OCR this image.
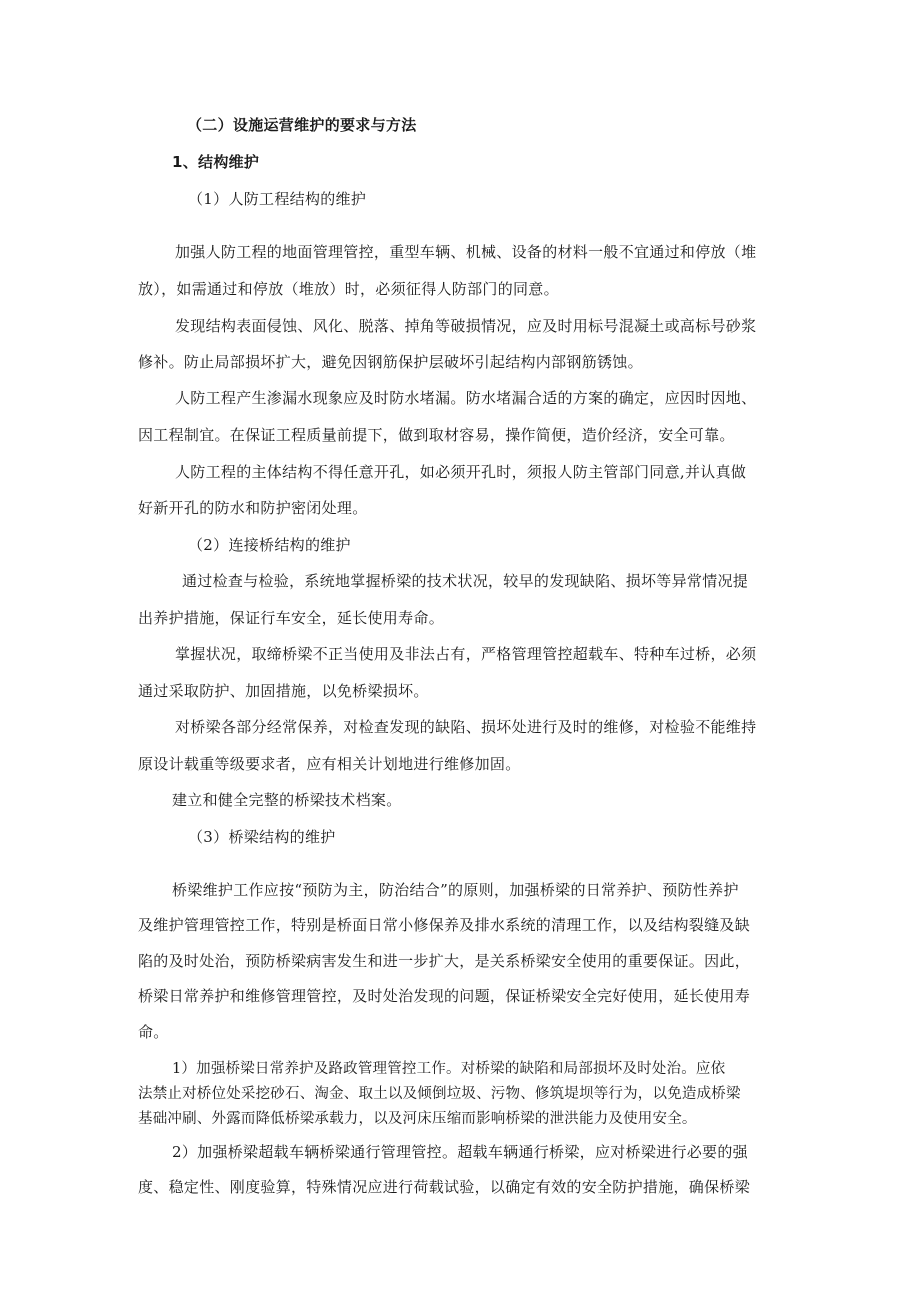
（二）设施运营维护的要求与方法
1、结构维护
（1）人防工程结构的维护
加强人防工程的地面管理管控，重型车辆、机械、设备的材料一般不宜通过和停放（堆
放），如需通过和停放（堆放）时，必须征得人防部门的同意。
发现结构表面侵蚀、风化、脱落、掉角等破损情况，应及时用标号混凝土或高标号砂浆
修补。防止局部损坏扩大，避免因钢筋保护层破坏引起结构内部钢筋锈蚀。
人防工程产生渗漏水现象应及时防水堵漏。防水堵漏合适的方案的确定，应因时因地、
因工程制宜。在保证工程质量前提下，做到取材容易，操作简便，造价经济，安全可靠。
人防工程的主体结构不得任意开孔，如必须开孔时，须报人防主管部门同意,并认真做
好新开孔的防水和防护密闭处理。
（2）连接桥结构的维护
通过检查与检验，系统地掌握桥梁的技术状况，较早的发现缺陷、损坏等异常情况提
出养护措施，保证行车安全，延长使用寿命。
掌握状况，取缔桥梁不正当使用及非法占有，严格管理管控超载车、特种车过桥，必须
通过采取防护、加固措施，以免桥梁损坏。
对桥梁各部分经常保养，对检查发现的缺陷、损坏处进行及时的维修，对检验不能维持
原设计载重等级要求者，应有相关计划地进行维修加固。
建立和健全完整的桥梁技术档案。
（3）桥梁结构的维护
桥梁维护工作应按“预防为主，防治结合”的原则，加强桥梁的日常养护、预防性养护
及维护管理管控工作，特别是桥面日常小修保养及排水系统的清理工作，以及结构裂缝及缺
陷的及时处治，预防桥梁病害发生和进一步扩大，是关系桥梁安全使用的重要保证。因此，
桥梁日常养护和维修管理管控，及时处治发现的问题，保证桥梁安全完好使用，延长使用寿
命。
1）加强桥梁日常养护及路政管理管控工作。对桥梁的缺陷和局部损坏及时处治。应依
法禁止对桥位处采挖砂石、淘金、取土以及倾倒垃圾、污物、修筑堤坝等行为，以免造成桥梁
基础冲刷、外露而降低桥梁承载力，以及河床压缩而影响桥梁的泄洪能力及使用安全。
2）加强桥梁超载车辆桥梁通行管理管控。超载车辆通行桥梁，应对桥梁进行必要的强
度、稳定性、刚度验算，特殊情况应进行荷载试验，以确定有效的安全防护措施，确保桥梁
